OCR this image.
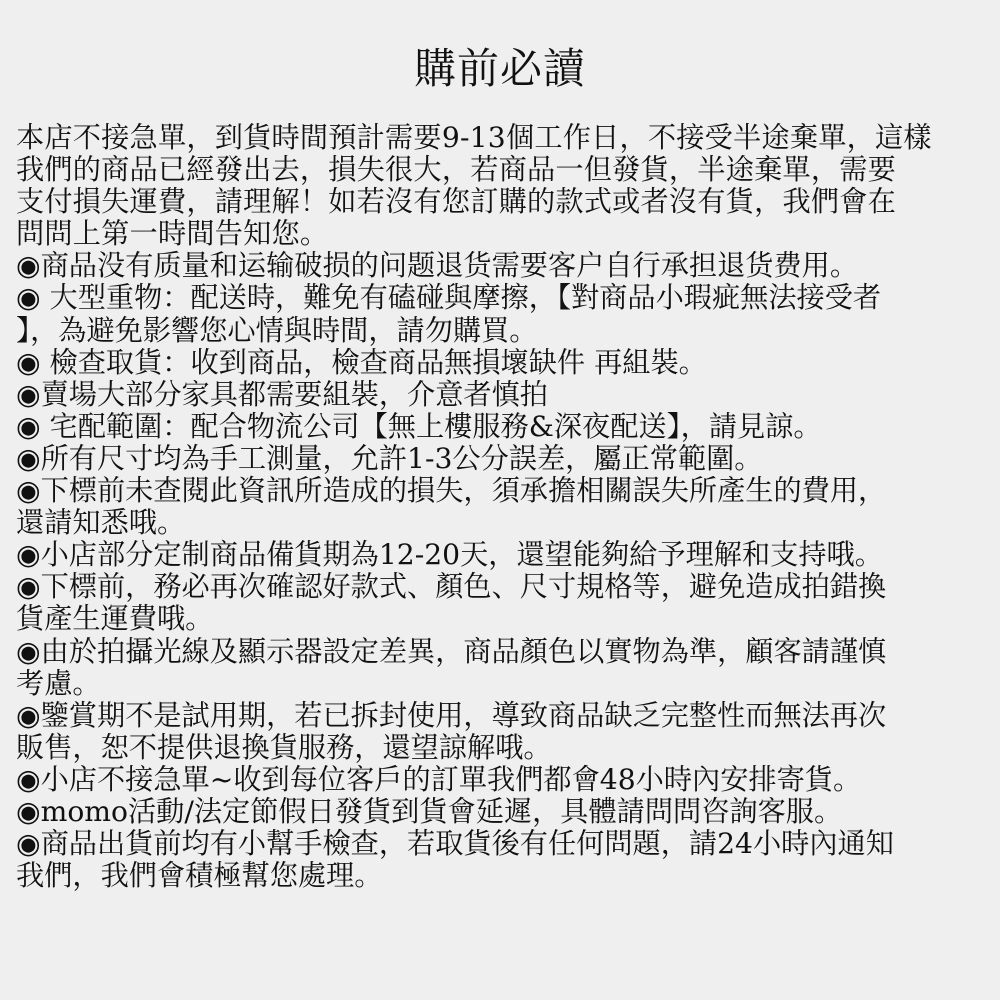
購前必讀
本店不接急單，到貨時間預計需要9-13個工作日，不接受半途棄單，這樣
我們的商品已經發出去，損失很大，若商品一但發貨，半途棄單，需要
支付損失運費，請理解！如若沒有您訂購的款式或者沒有貨，我們會在
問問上第一時間告知您。
◉商品没有质量和运输破损的问题退货需要客户自行承担退货费用。
◉ 大型重物：配送時，難免有磕碰與摩擦，【對商品小瑕疵無法接受者
】，為避免影響您心情與時間，請勿購買。
◉ 檢查取貨：收到商品，檢查商品無損壞缺件 再組裝。
◉賣場大部分家具都需要組裝，介意者慎拍
◉ 宅配範圍：配合物流公司【無上樓服務&深夜配送】，請見諒。
◉所有尺寸均為手工測量，允許1-3公分誤差，屬正常範圍。
◉下標前未查閱此資訊所造成的損失，須承擔相關誤失所產生的費用，
還請知悉哦。
◉小店部分定制商品備貨期為12-20天，還望能夠給予理解和支持哦。
◉下標前，務必再次確認好款式、顏色、尺寸規格等，避免造成拍錯換
貨產生運費哦。
◉由於拍攝光線及顯示器設定差異，商品顏色以實物為準，顧客請謹慎
考慮。
◉鑒賞期不是試用期，若已拆封使用，導致商品缺乏完整性而無法再次
販售，恕不提供退換貨服務，還望諒解哦。
◉小店不接急單~收到每位客戶的訂單我們都會48小時內安排寄貨。
◉momo活動/法定節假日發貨到貨會延遲，具體請問問咨詢客服。
◉商品出貨前均有小幫手檢查，若取貨後有任何問題，請24小時內通知
我們，我們會積極幫您處理。
